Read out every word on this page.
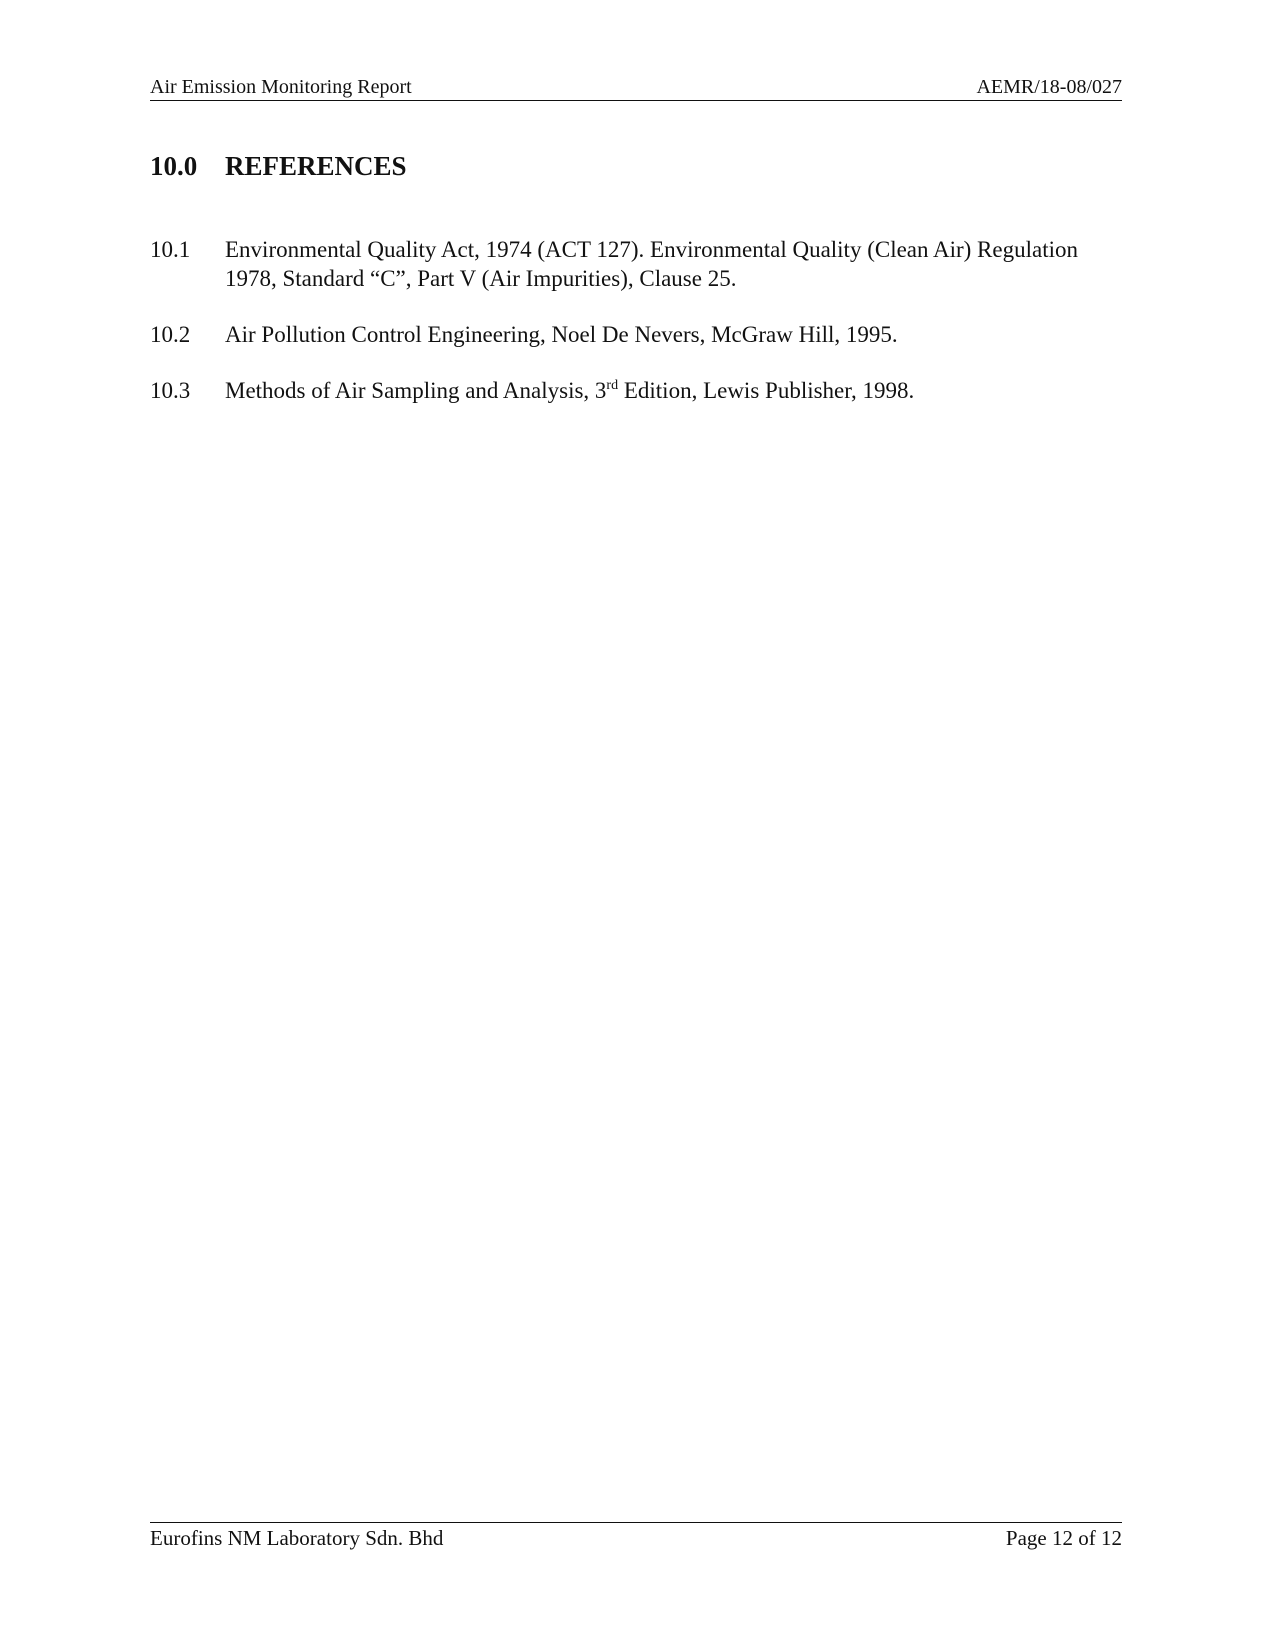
Air Emission Monitoring Report	AEMR/18-08/027
10.0 REFERENCES
10.1 Environmental Quality Act, 1974 (ACT 127). Environmental Quality (Clean Air) Regulation 1978, Standard “C”, Part V (Air Impurities), Clause 25.
10.2 Air Pollution Control Engineering, Noel De Nevers, McGraw Hill, 1995.
10.3 Methods of Air Sampling and Analysis, 3rd Edition, Lewis Publisher, 1998.
Eurofins NM Laboratory Sdn. Bhd	Page 12 of 12
